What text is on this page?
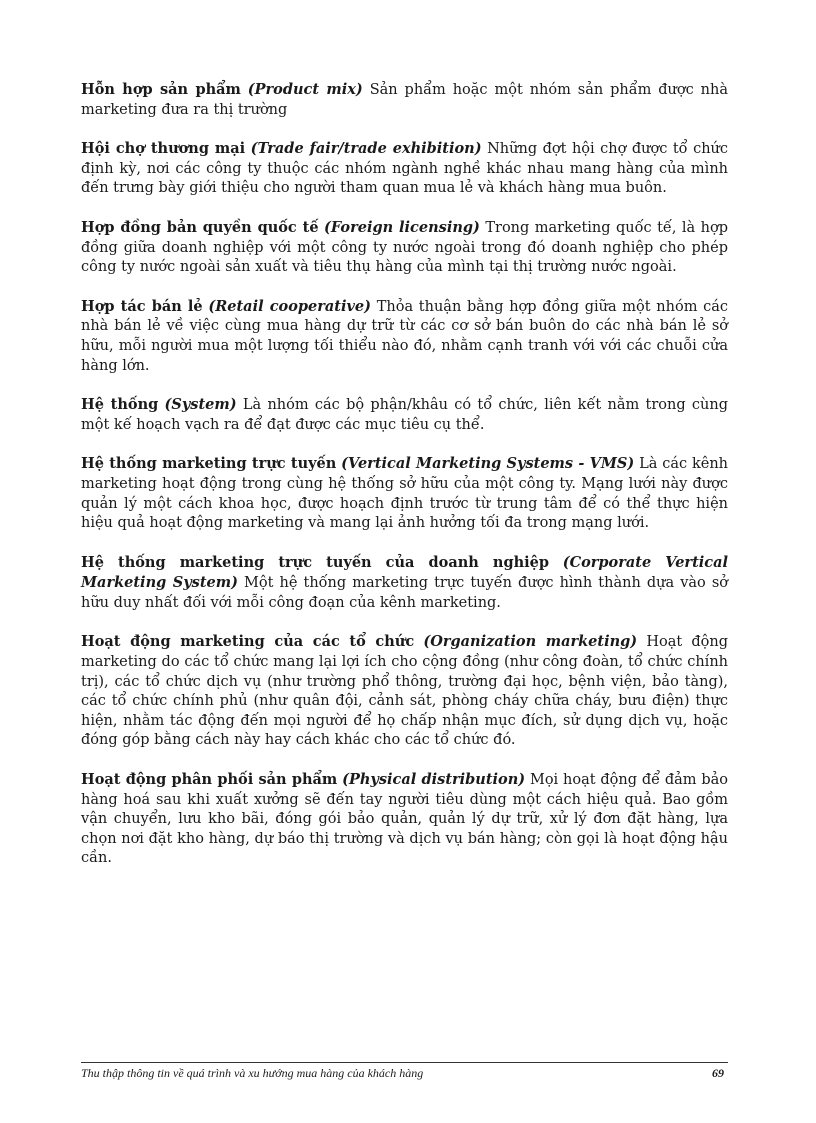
Hỗn hợp sản phẩm (Product mix) Sản phẩm hoặc một nhóm sản phẩm được nhà marketing đưa ra thị trường

Hội chợ thương mại (Trade fair/trade exhibition) Những đợt hội chợ được tổ chức định kỳ, nơi các công ty thuộc các nhóm ngành nghề khác nhau mang hàng của mình đến trưng bày giới thiệu cho người tham quan mua lẻ và khách hàng mua buôn.

Hợp đồng bản quyền quốc tế (Foreign licensing) Trong marketing quốc tế, là hợp đồng giữa doanh nghiệp với một công ty nước ngoài trong đó doanh nghiệp cho phép công ty nước ngoài sản xuất và tiêu thụ hàng của mình tại thị trường nước ngoài.

Hợp tác bán lẻ (Retail cooperative) Thỏa thuận bằng hợp đồng giữa một nhóm các nhà bán lẻ về việc cùng mua hàng dự trữ từ các cơ sở bán buôn do các nhà bán lẻ sở hữu, mỗi người mua một lượng tối thiểu nào đó, nhằm cạnh tranh với với các chuỗi cửa hàng lớn.

Hệ thống (System) Là nhóm các bộ phận/khâu có tổ chức, liên kết nằm trong cùng một kế hoạch vạch ra để đạt được các mục tiêu cụ thể.

Hệ thống marketing trực tuyến (Vertical Marketing Systems - VMS) Là các kênh marketing hoạt động trong cùng hệ thống sở hữu của một công ty. Mạng lưới này được quản lý một cách khoa học, được hoạch định trước từ trung tâm để có thể thực hiện hiệu quả hoạt động marketing và mang lại ảnh hưởng tối đa trong mạng lưới.

Hệ thống marketing trực tuyến của doanh nghiệp (Corporate Vertical Marketing System) Một hệ thống marketing trực tuyến được hình thành dựa vào sở hữu duy nhất đối với mỗi công đoạn của kênh marketing.

Hoạt động marketing của các tổ chức (Organization marketing) Hoạt động marketing do các tổ chức mang lại lợi ích cho cộng đồng (như công đoàn, tổ chức chính trị), các tổ chức dịch vụ (như trường phổ thông, trường đại học, bệnh viện, bảo tàng), các tổ chức chính phủ (như quân đội, cảnh sát, phòng cháy chữa cháy, bưu điện) thực hiện, nhằm tác động đến mọi người để họ chấp nhận mục đích, sử dụng dịch vụ, hoặc đóng góp bằng cách này hay cách khác cho các tổ chức đó.

Hoạt động phân phối sản phẩm (Physical distribution) Mọi hoạt động để đảm bảo hàng hoá sau khi xuất xưởng sẽ đến tay người tiêu dùng một cách hiệu quả. Bao gồm vận chuyển, lưu kho bãi, đóng gói bảo quản, quản lý dự trữ, xử lý đơn đặt hàng, lựa chọn nơi đặt kho hàng, dự báo thị trường và dịch vụ bán hàng; còn gọi là hoạt động hậu cần.

Thu thập thông tin về quá trình và xu hướng mua hàng của khách hàng	69
